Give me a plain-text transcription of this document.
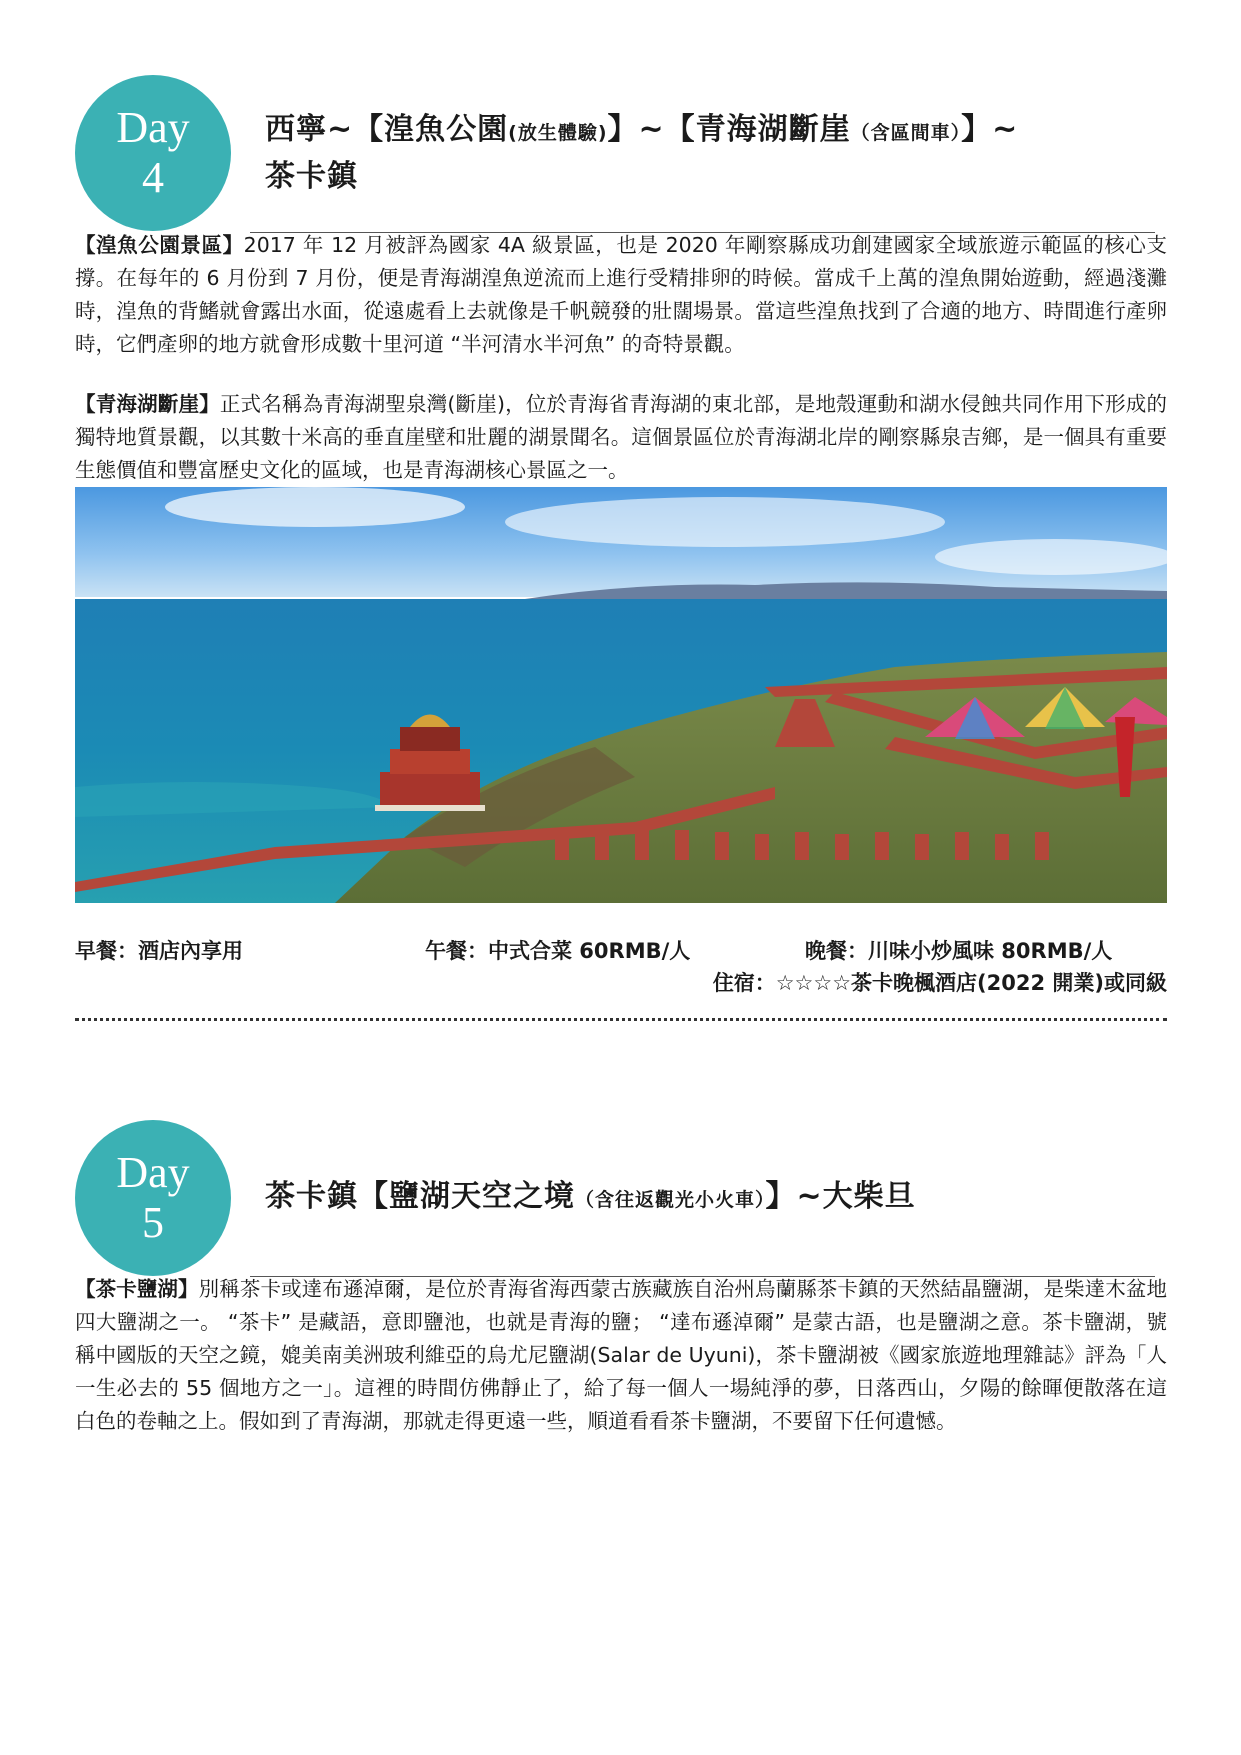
Day
4
西寧~【湟魚公園(放生體驗)】~【青海湖斷崖（含區間車）】~
茶卡鎮
【湟魚公園景區】2017 年 12 月被評為國家 4A 級景區，也是 2020 年剛察縣成功創建國家全域旅遊示範區的核心支撐。在每年的 6 月份到 7 月份，便是青海湖湟魚逆流而上進行受精排卵的時候。當成千上萬的湟魚開始遊動，經過淺灘時，湟魚的背鰭就會露出水面，從遠處看上去就像是千帆競發的壯闊場景。當這些湟魚找到了合適的地方、時間進行產卵時，它們產卵的地方就會形成數十里河道 “半河清水半河魚” 的奇特景觀。
【青海湖斷崖】正式名稱為青海湖聖泉灣(斷崖)，位於青海省青海湖的東北部，是地殼運動和湖水侵蝕共同作用下形成的獨特地質景觀，以其數十米高的垂直崖壁和壯麗的湖景聞名。這個景區位於青海湖北岸的剛察縣泉吉鄉，是一個具有重要生態價值和豐富歷史文化的區域，也是青海湖核心景區之一。
早餐：酒店內享用	午餐：中式合菜 60RMB/人	晚餐：川味小炒風味 80RMB/人
住宿：☆☆☆☆茶卡晚楓酒店(2022 開業)或同級
Day
5
茶卡鎮【鹽湖天空之境（含往返觀光小火車）】~大柴旦
【茶卡鹽湖】別稱茶卡或達布遜淖爾，是位於青海省海西蒙古族藏族自治州烏蘭縣茶卡鎮的天然結晶鹽湖，是柴達木盆地四大鹽湖之一。 “茶卡” 是藏語，意即鹽池，也就是青海的鹽； “達布遜淖爾” 是蒙古語，也是鹽湖之意。茶卡鹽湖，號稱中國版的天空之鏡，媲美南美洲玻利維亞的烏尤尼鹽湖(Salar de Uyuni)，茶卡鹽湖被《國家旅遊地理雜誌》評為「人一生必去的 55 個地方之一」。這裡的時間仿佛靜止了，給了每一個人一場純淨的夢，日落西山，夕陽的餘暉便散落在這白色的卷軸之上。假如到了青海湖，那就走得更遠一些，順道看看茶卡鹽湖，不要留下任何遺憾。
